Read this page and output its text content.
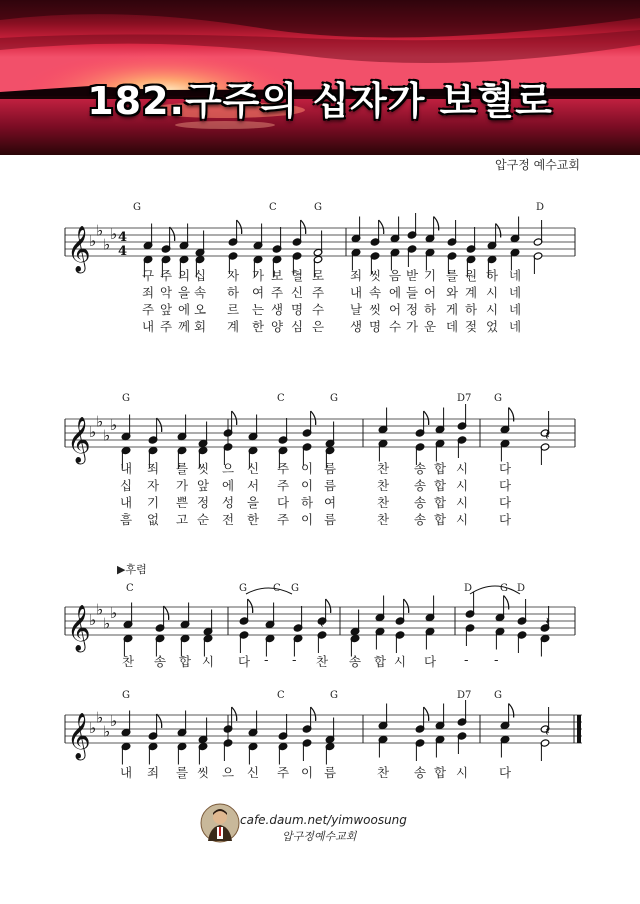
182.구주의 십자가 보혈로
압구정 예수교회
𝄞
♭
♭
♭
♭ 4
4
𝄞
♭
♭
♭
♭	𝄽
𝄞
♭
♭
♭
♭	𝄽	𝄽
𝄞
♭
♭
♭
♭	𝄽
▶후렴
G	C	G	D
G	C	G	D7 G
C	G	C G	D	G D
G	C	G	D7 G
구 주 의 십 자 가 보 혈 로 죄 씻 음 받 기 를 원 하 네
죄 악 을 속 하 여 주 신 주 내 속 에 들 어 와 계 시 네
주 앞 에 오 르 는 생 명 수 날 씻 어 정 하 게 하 시 네
내 주 께 회 계 한 양 심 은 생 명 수 가 운 데 젖 었 네
내 죄 를 씻 으 신 주 이 름	찬 송 합 시 다
십 자 가 앞 에 서 주 이 름	찬 송 합 시 다
내 기 쁜 정 성 을 다 하 여	찬 송 합 시 다
흠 없 고 순 전 한 주 이 름	찬 송 합 시 다
찬 송 합 시 다 - - 찬 송 합 시 다 - -
내 죄 를 씻 으 신 주 이 름	찬 송 합 시 다
cafe.daum.net/yimwoosung
압구정예수교회
